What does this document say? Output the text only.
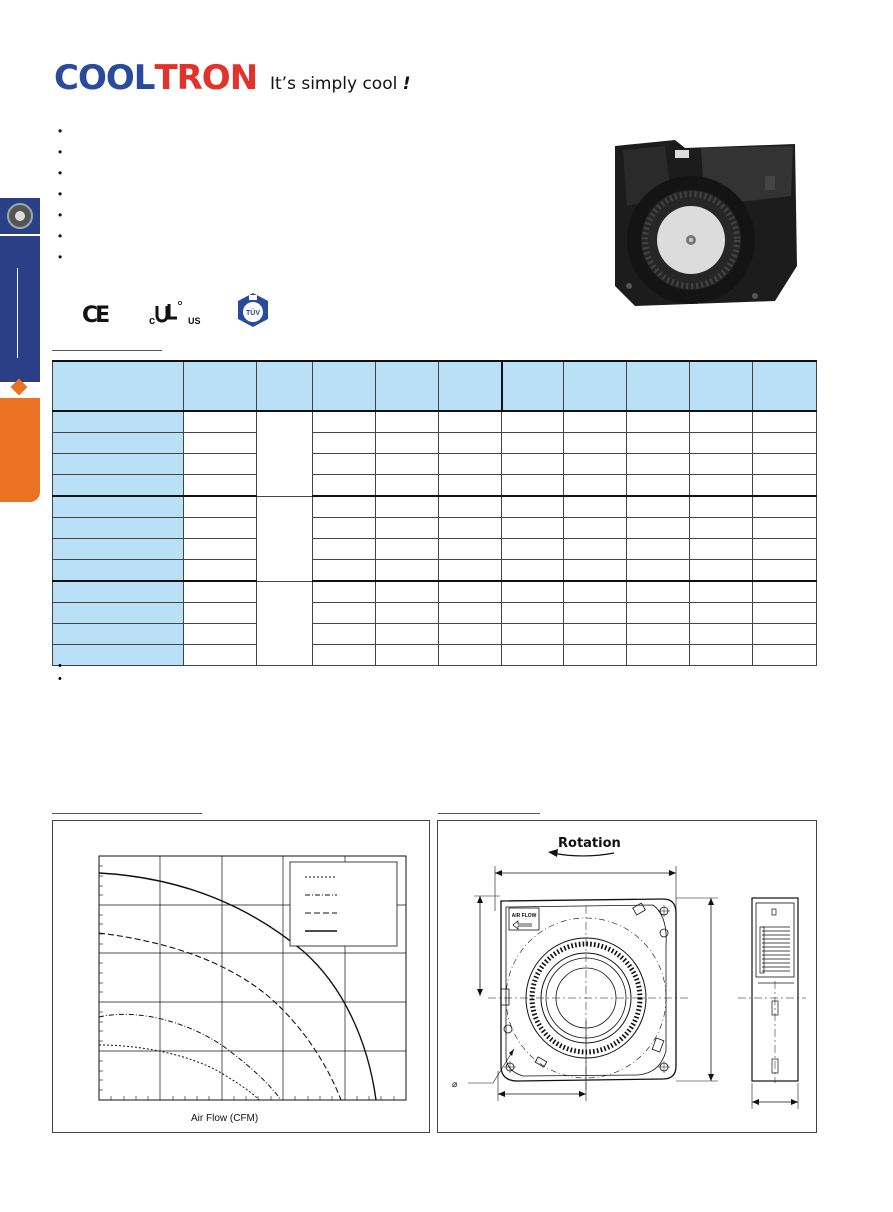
COOL TRON It’s simply cool !
CE	c	US
TÜV

Air Flow (CFM)
Rotation
AIR FLOW
⌀
